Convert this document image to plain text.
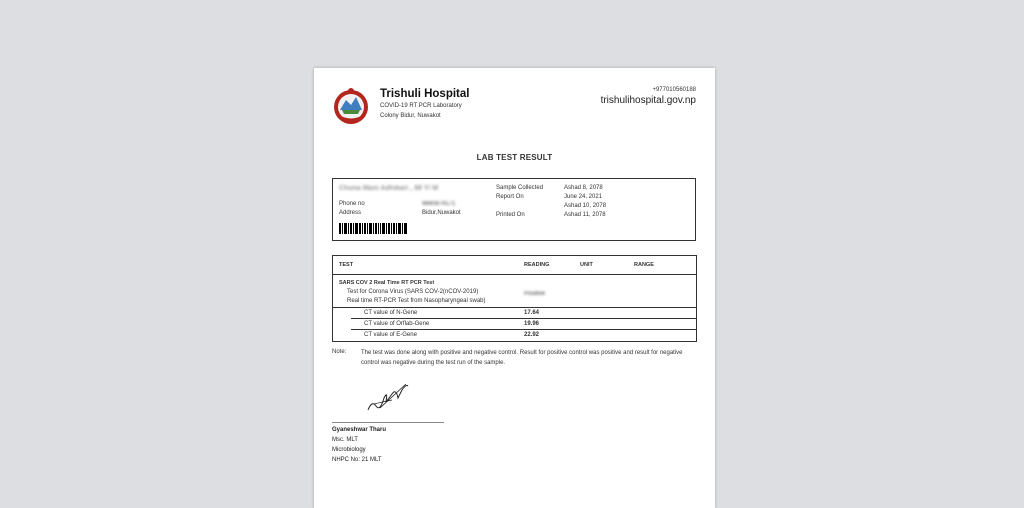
Trishuli Hospital
COVID-19 RT PCR Laboratory
Colony Bidur, Nuwakot
+977010560188
trishulihospital.gov.np
LAB TEST RESULT
Chuna Mani Adhikari , 88 Y/ M
Phone no	9840874171
Address	Bidur,Nuwakot
Sample Collected	Ashad 8, 2078
Report On	June 24, 2021
Ashad 10, 2078
Printed On	Ashad 11, 2078
TEST	READING	UNIT	RANGE
SARS COV 2 Real Time RT PCR Test
Test for Corona Virus (SARS COV-2(nCOV-2019)
Real time RT-PCR Test from Nasopharyngeal swab)
Positive
CT value of N-Gene	17.64
CT value of Orflab-Gene	19.96
CT value of E-Gene	22.92
Note: The test was done along with positive and negative control. Result for positive control was positive and result for negative control was negative during the test run of the sample.
Gyaneshwar Tharu
Msc. MLT
Microbiology
NHPC No: 21 MLT
